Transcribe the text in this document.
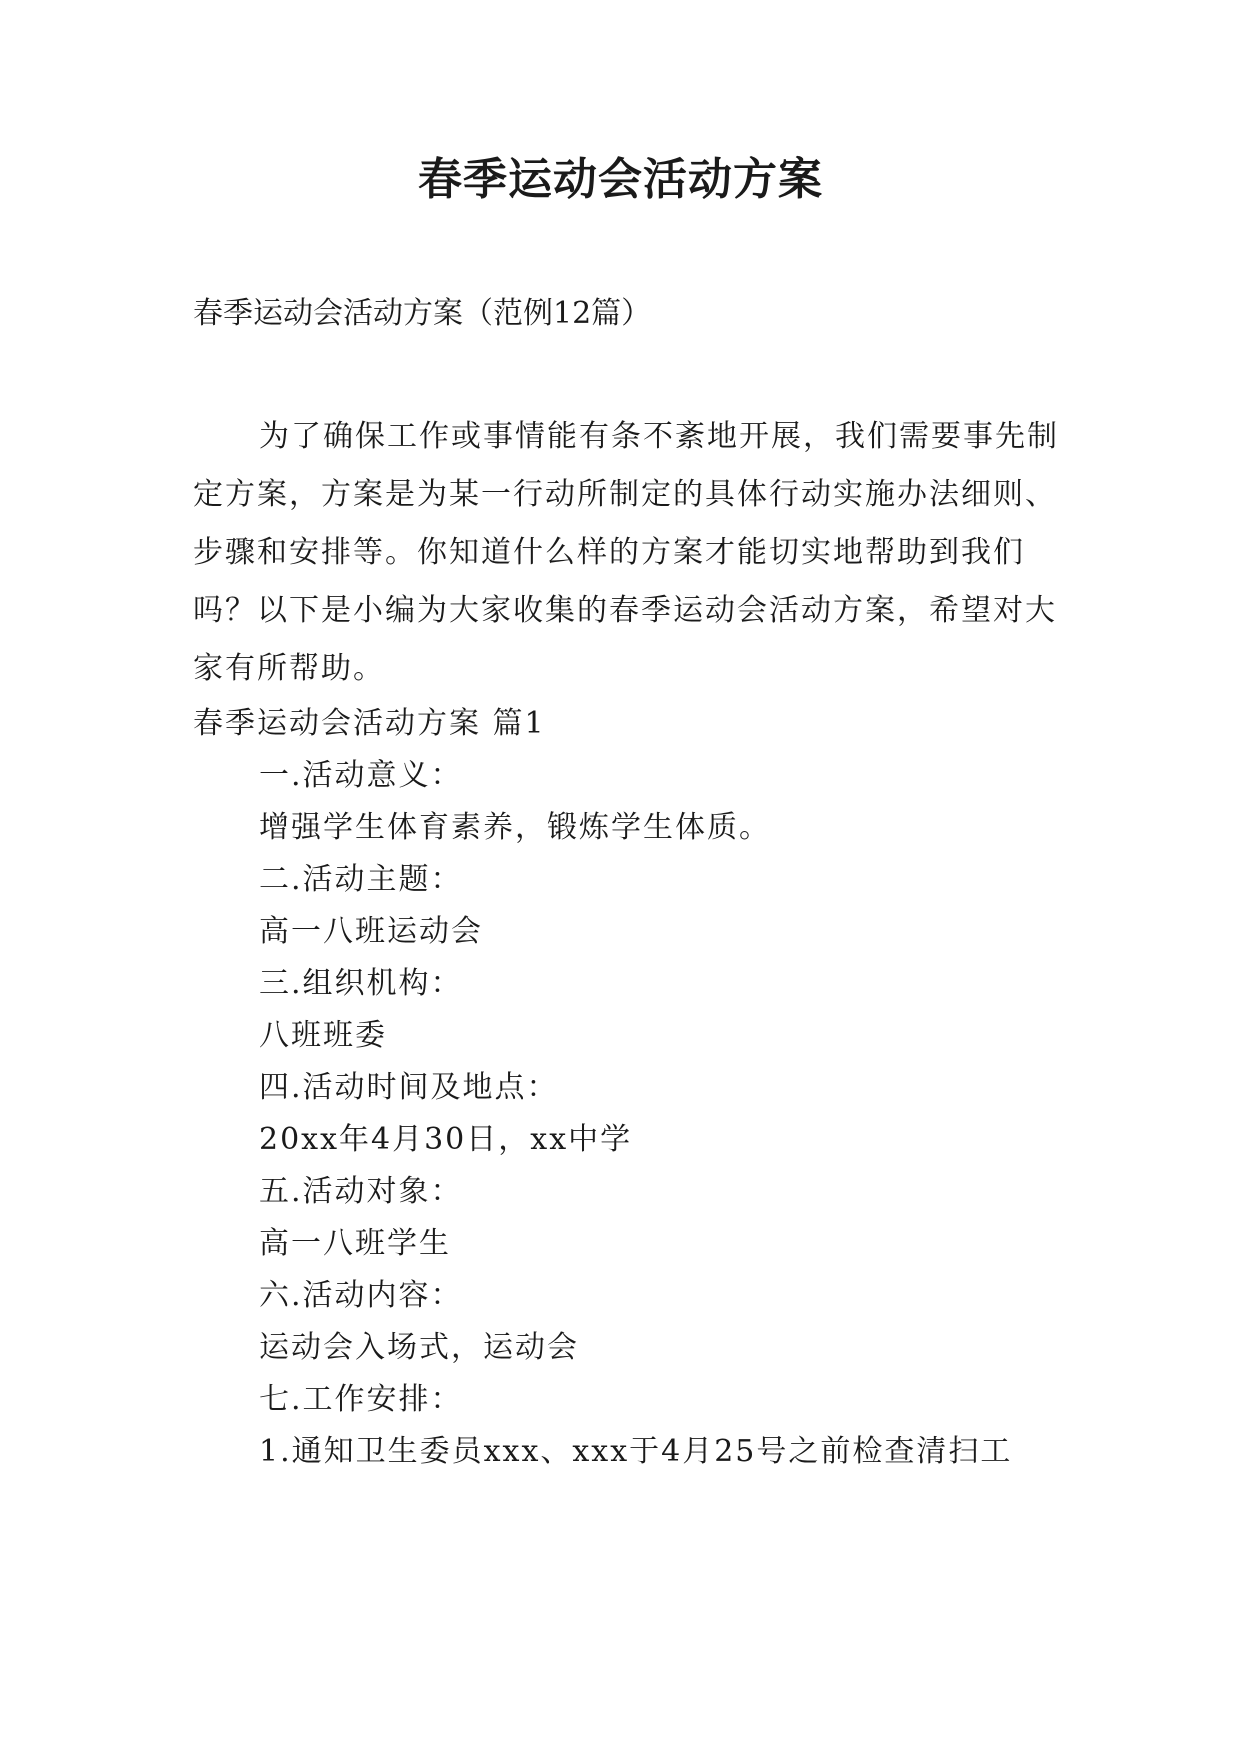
春季运动会活动方案
春季运动会活动方案（范例12篇）
为了确保工作或事情能有条不紊地开展，我们需要事先制定方案，方案是为某一行动所制定的具体行动实施办法细则、步骤和安排等。你知道什么样的方案才能切实地帮助到我们吗？以下是小编为大家收集的春季运动会活动方案，希望对大家有所帮助。
春季运动会活动方案 篇1
一.活动意义：
增强学生体育素养，锻炼学生体质。
二.活动主题：
高一八班运动会
三.组织机构：
八班班委
四.活动时间及地点：
20xx年4月30日，xx中学
五.活动对象：
高一八班学生
六.活动内容：
运动会入场式，运动会
七.工作安排：
1.通知卫生委员xxx、xxx于4月25号之前检查清扫工
